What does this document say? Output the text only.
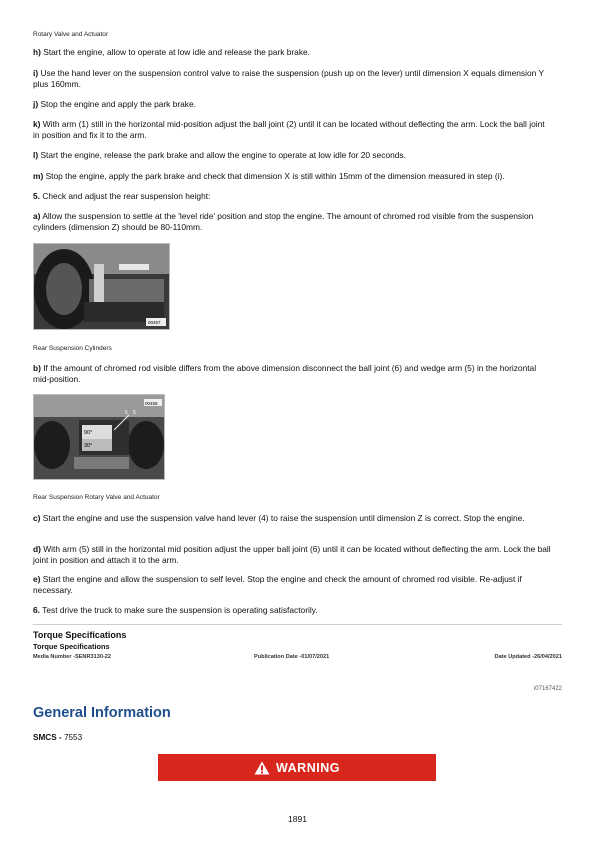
Rotary Valve and Actuator
h) Start the engine, allow to operate at low idle and release the park brake.
i) Use the hand lever on the suspension control valve to raise the suspension (push up on the lever) until dimension X equals dimension Y plus 160mm.
j) Stop the engine and apply the park brake.
k) With arm (1) still in the horizontal mid-position adjust the ball joint (2) until it can be located without deflecting the arm. Lock the ball joint in position and fix it to the arm.
l) Start the engine, release the park brake and allow the engine to operate at low idle for 20 seconds.
m) Stop the engine, apply the park brake and check that dimension X is still within 15mm of the dimension measured in step (i).
5. Check and adjust the rear suspension height:
a) Allow the suspension to settle at the 'level ride' position and stop the engine. The amount of chromed rod visible from the suspension cylinders (dimension Z) should be 80-110mm.
00457
Rear Suspension Cylinders
b) If the amount of chromed rod visible differs from the above dimension disconnect the ball joint (6) and wedge arm (5) in the horizontal mid-position.
90°
30°
5 6
00458
Rear Suspension Rotary Valve and Actuator
c) Start the engine and use the suspension valve hand lever (4) to raise the suspension until dimension Z is correct. Stop the engine.
d) With arm (5) still in the horizontal mid position adjust the upper ball joint (6) until it can be located without deflecting the arm. Lock the ball joint in position and attach it to the arm.
e) Start the engine and allow the suspension to self level. Stop the engine and check the amount of chromed rod visible. Re-adjust if necessary.
6. Test drive the truck to make sure the suspension is operating satisfactorily.
Torque Specifications
Torque Specifications
Media Number -SENR3130-22	Publication Date -01/07/2021	Date Updated -26/04/2021
i07167422
General Information
SMCS - 7553
WARNING
1891
